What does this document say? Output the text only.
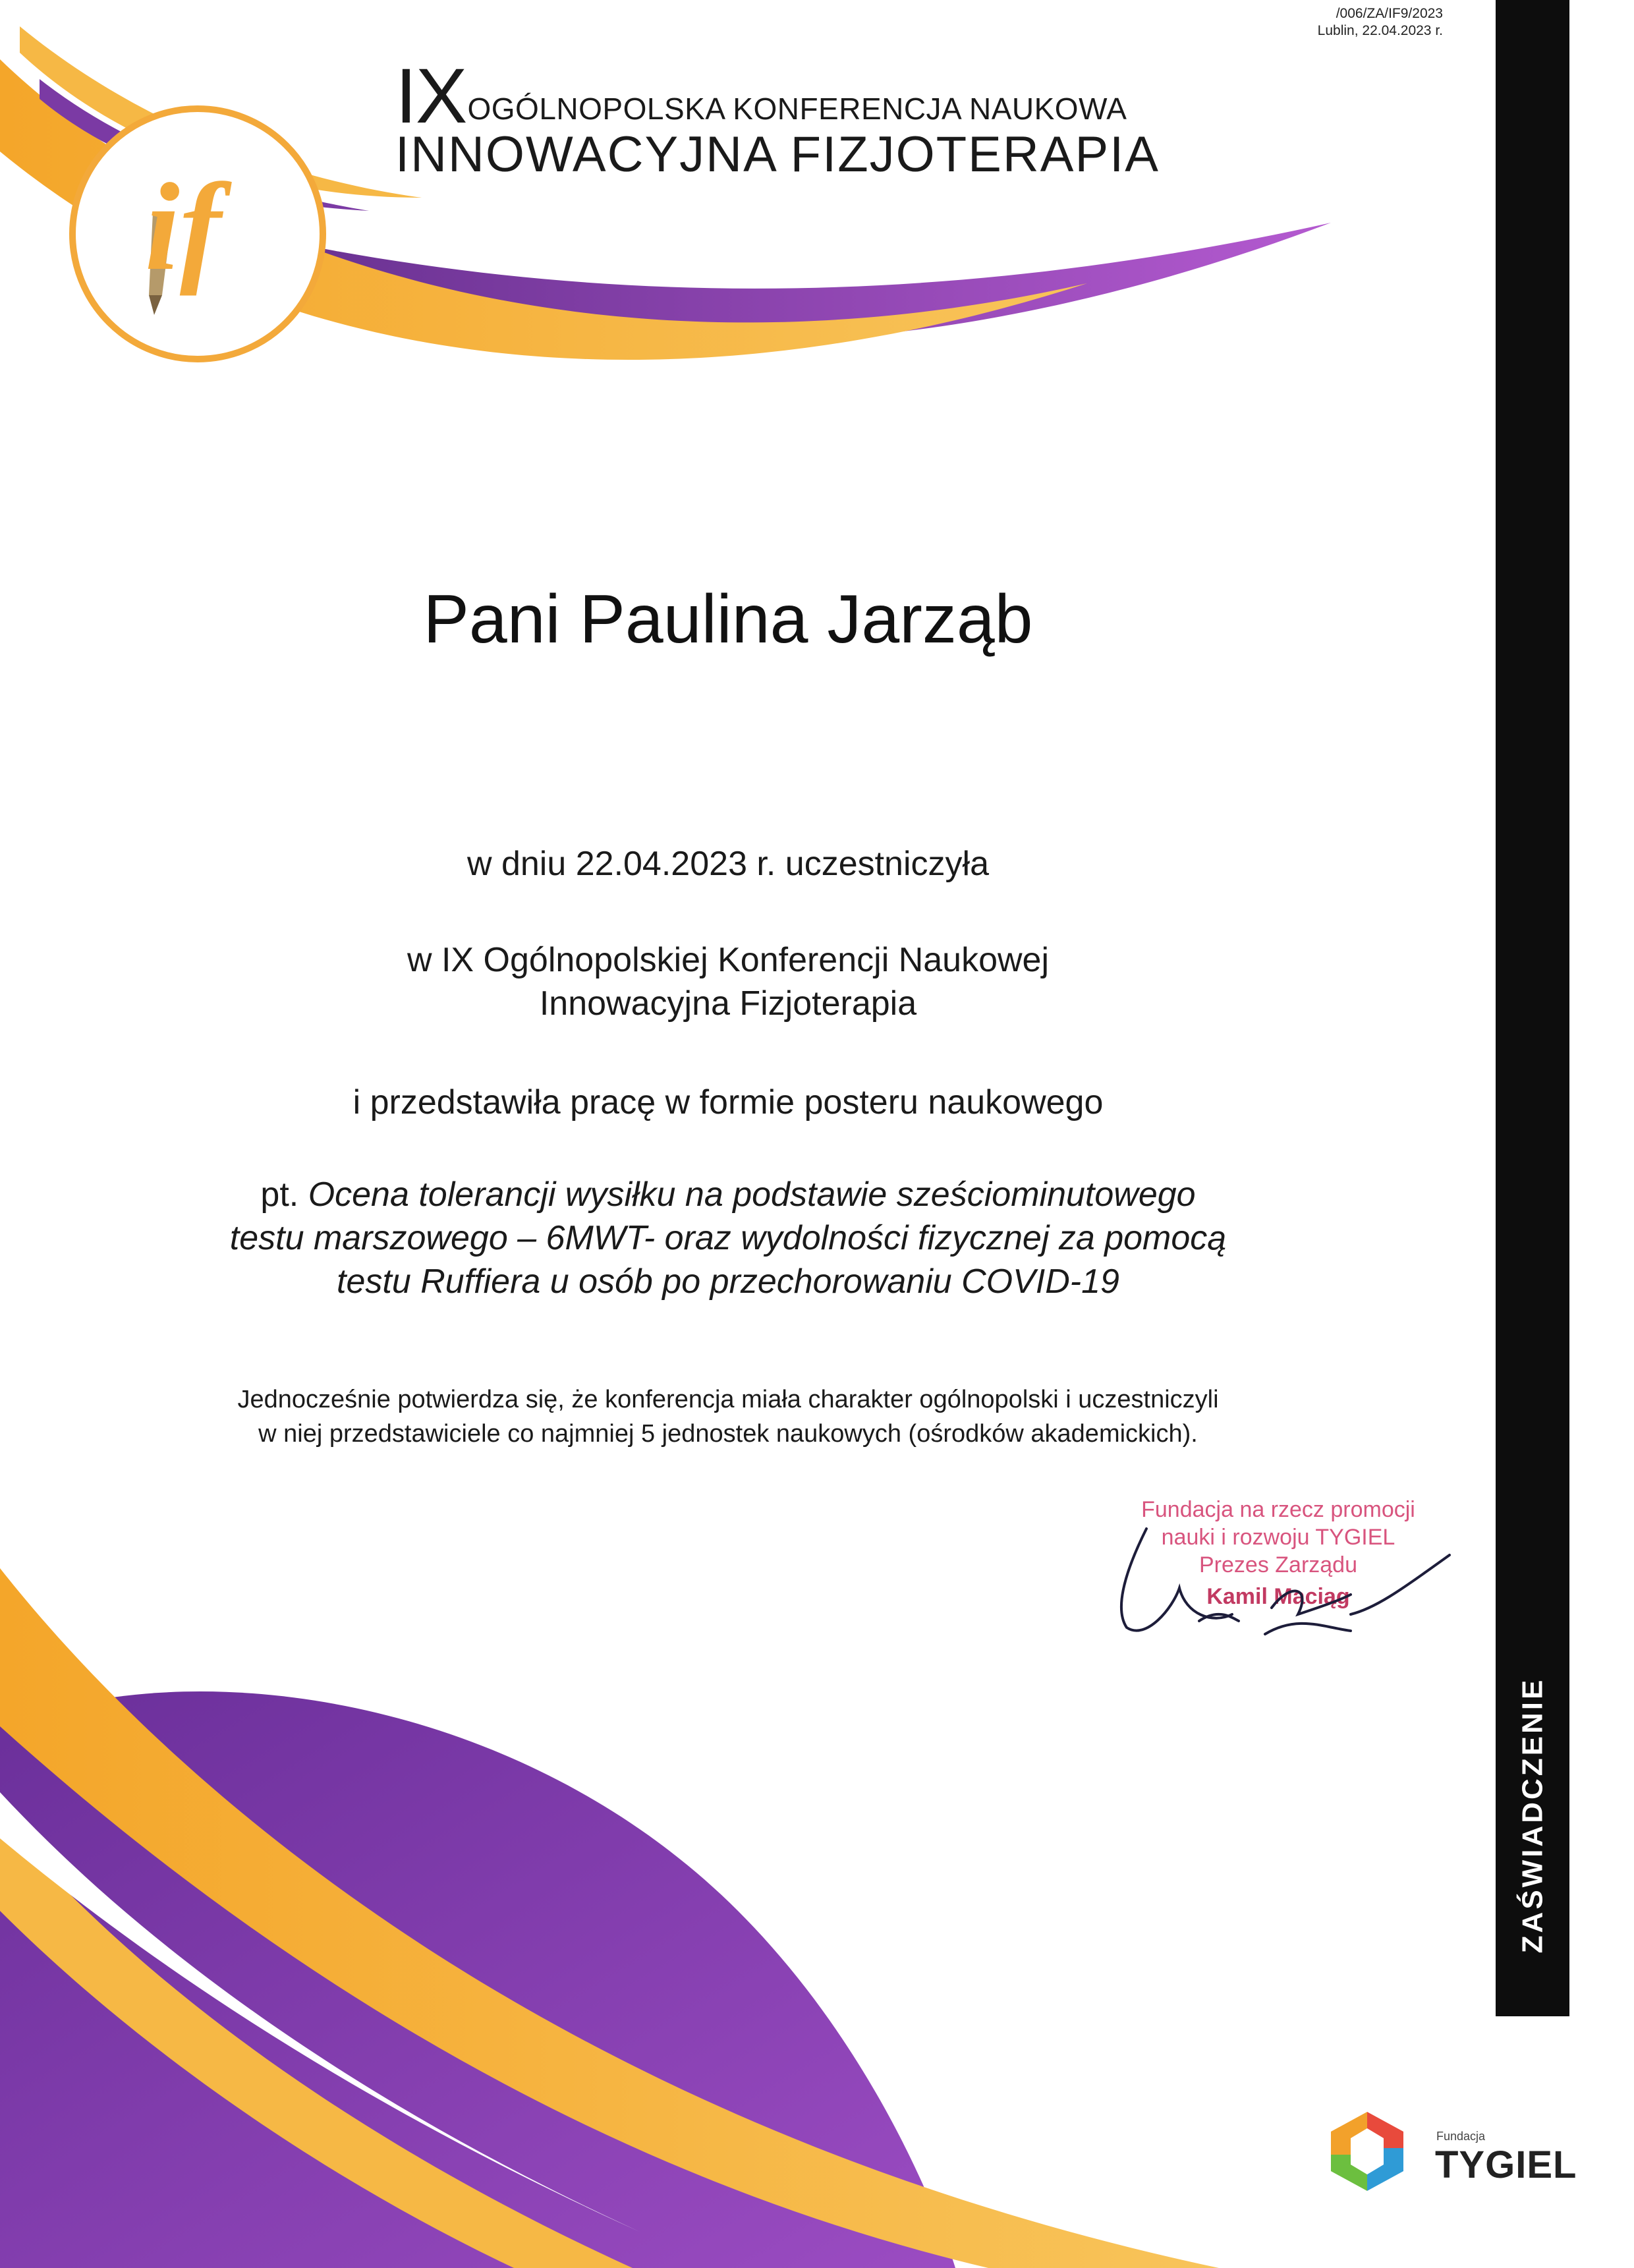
/006/ZA/IF9/2023
Lublin, 22.04.2023 r.
if
IXOGÓLNOPOLSKA KONFERENCJA NAUKOWA
INNOWACYJNA FIZJOTERAPIA
Pani Paulina Jarząb
w dniu 22.04.2023 r. uczestniczyła
w IX Ogólnopolskiej Konferencji Naukowej
Innowacyjna Fizjoterapia
i przedstawiła pracę w formie posteru naukowego
pt. Ocena tolerancji wysiłku na podstawie sześciominutowego
testu marszowego – 6MWT- oraz wydolności fizycznej za pomocą
testu Ruffiera u osób po przechorowaniu COVID-19
Jednocześnie potwierdza się, że konferencja miała charakter ogólnopolski i uczestniczyli
w niej przedstawiciele co najmniej 5 jednostek naukowych (ośrodków akademickich).
Fundacja na rzecz promocji
nauki i rozwoju TYGIEL
Prezes Zarządu
Kamil Maciąg
ZAŚWIADCZENIE
Fundacja
TYGIEL
